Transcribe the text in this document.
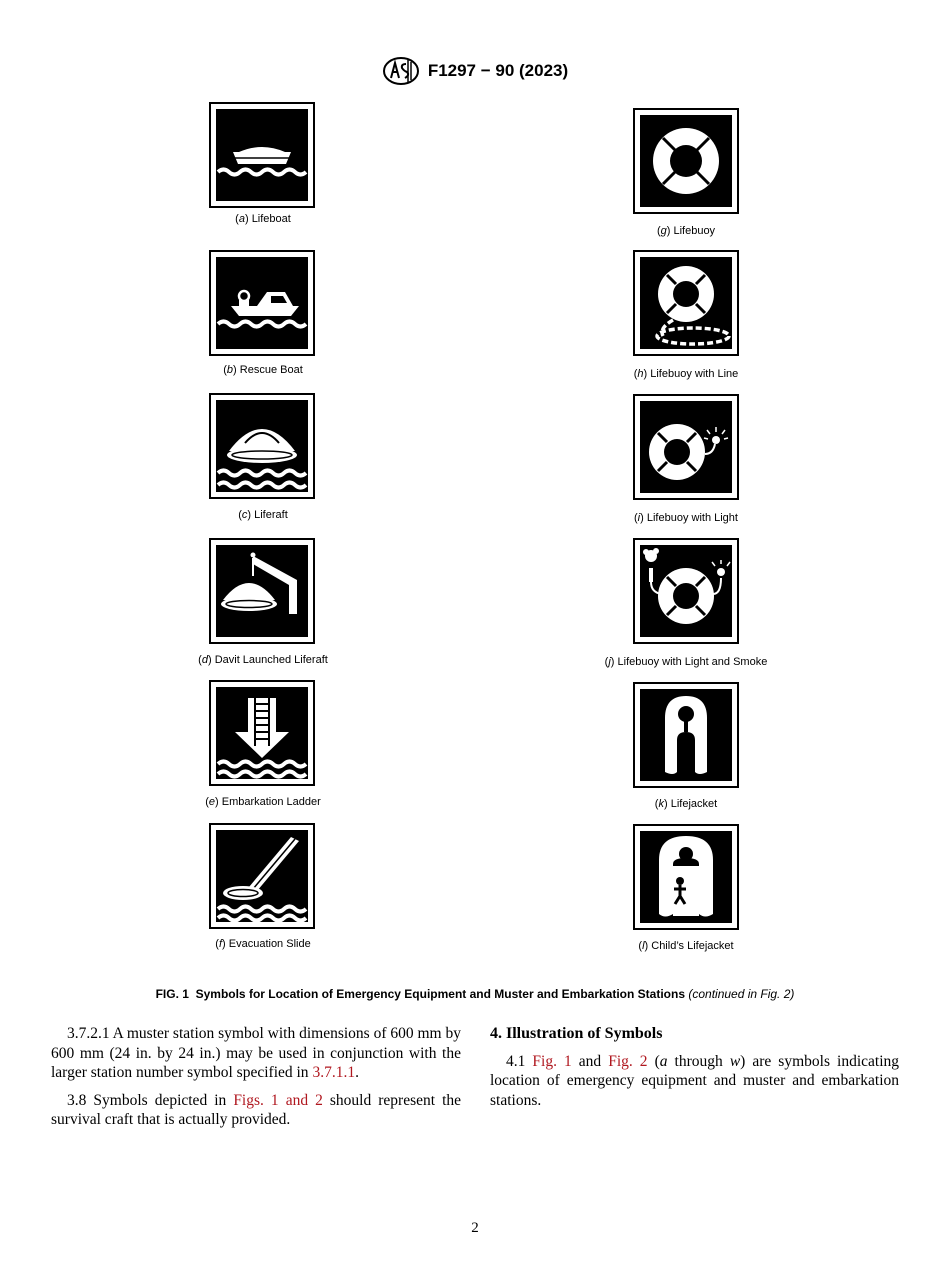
F1297 − 90 (2023)
(a) Lifeboat
(b) Rescue Boat
(c) Liferaft
(d) Davit Launched Liferaft
(e) Embarkation Ladder
(f) Evacuation Slide
(g) Lifebuoy
(h) Lifebuoy with Line
(i) Lifebuoy with Light
(j) Lifebuoy with Light and Smoke
(k) Lifejacket
(l) Child’s Lifejacket
FIG. 1 Symbols for Location of Emergency Equipment and Muster and Embarkation Stations (continued in Fig. 2)

3.7.2.1 A muster station symbol with dimensions of 600 mm by 600 mm (24 in. by 24 in.) may be used in conjunction with the larger station number symbol specified in 3.7.1.1.

3.8 Symbols depicted in Figs. 1 and 2 should represent the survival craft that is actually provided.

4. Illustration of Symbols

4.1 Fig. 1 and Fig. 2 (a through w) are symbols indicating location of emergency equipment and muster and embarkation stations.

2
